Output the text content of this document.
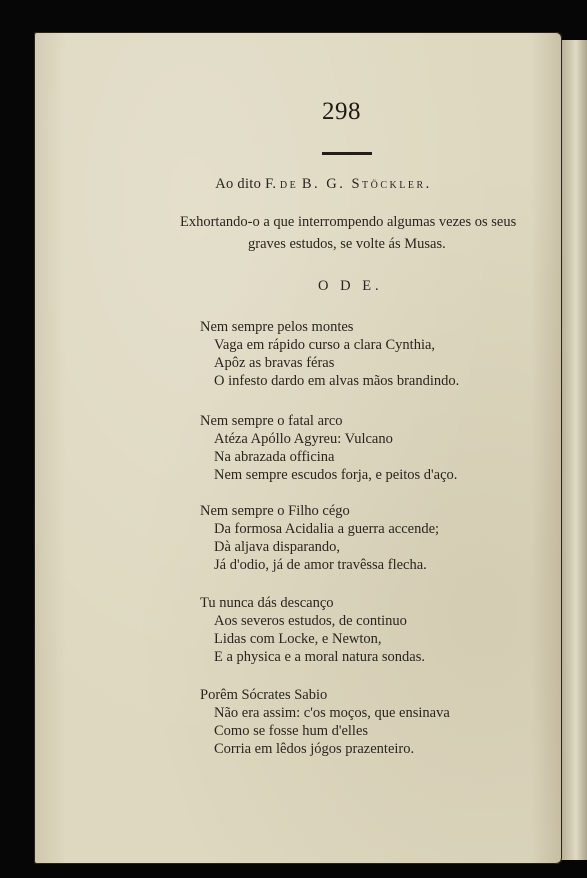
298
Ao dito F. de B. G. Stöckler.
Exhortando-o a que interrompendo algumas vezes os seus
graves estudos, se volte ás Musas.
O D E.
Nem sempre pelos montes
Vaga em rápido curso a clara Cynthia,
Apôz as bravas féras
O infesto dardo em alvas mãos brandindo.
Nem sempre o fatal arco
Atéza Apóllo Agyreu: Vulcano
Na abrazada officina
Nem sempre escudos forja, e peitos d'aço.
Nem sempre o Filho cégo
Da formosa Acidalia a guerra accende;
Dà aljava disparando,
Já d'odio, já de amor travêssa flecha.
Tu nunca dás descanço
Aos severos estudos, de continuo
Lidas com Locke, e Newton,
E a physica e a moral natura sondas.
Porêm Sócrates Sabio
Não era assim: c'os moços, que ensinava
Como se fosse hum d'elles
Corria em lêdos jógos prazenteiro.
